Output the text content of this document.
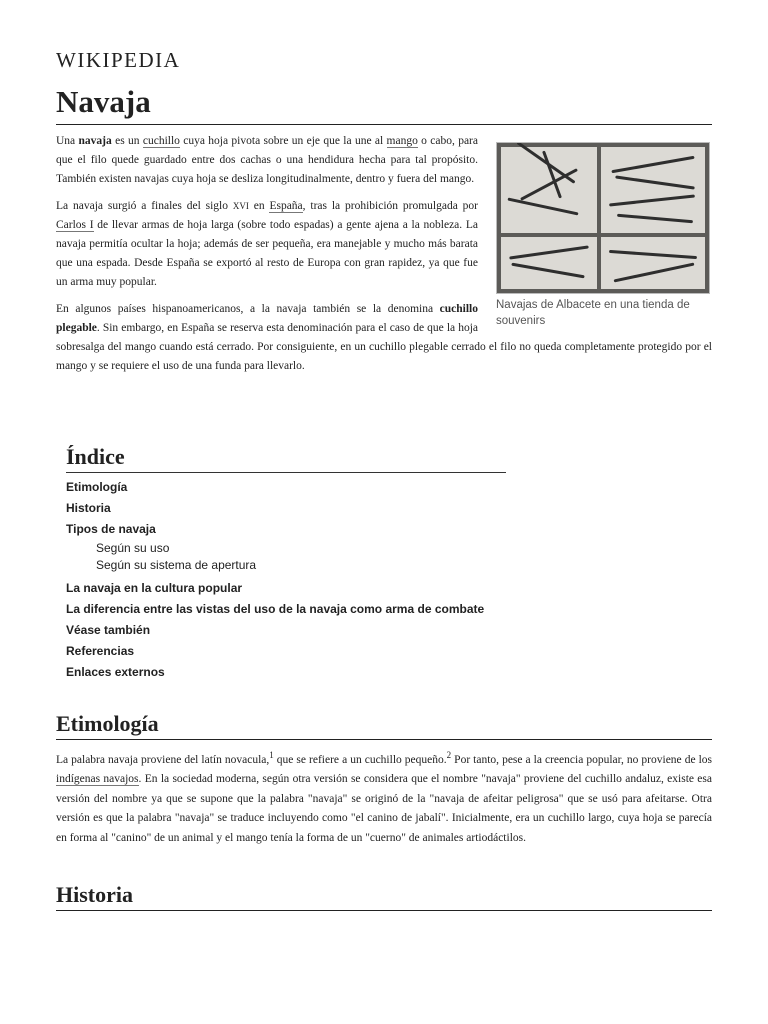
WIKIPEDIA
Navaja
Navajas de Albacete en una tienda de souvenirs

Una navaja es un cuchillo cuya hoja pivota sobre un eje que la une al mango o cabo, para que el filo quede guardado entre dos cachas o una hendidura hecha para tal propósito. También existen navajas cuya hoja se desliza longitudinalmente, dentro y fuera del mango.

La navaja surgió a finales del siglo XVI en España, tras la prohibición promulgada por Carlos I de llevar armas de hoja larga (sobre todo espadas) a gente ajena a la nobleza. La navaja permitía ocultar la hoja; además de ser pequeña, era manejable y mucho más barata que una espada. Desde España se exportó al resto de Europa con gran rapidez, ya que fue un arma muy popular.

En algunos países hispanoamericanos, a la navaja también se la denomina cuchillo plegable. Sin embargo, en España se reserva esta denominación para el caso de que la hoja sobresalga del mango cuando está cerrado. Por consiguiente, en un cuchillo plegable cerrado el filo no queda completamente protegido por el mango y se requiere el uso de una funda para llevarlo.

Índice
Etimología
Historia
Tipos de navaja
Según su uso
Según su sistema de apertura
La navaja en la cultura popular
La diferencia entre las vistas del uso de la navaja como arma de combate
Véase también
Referencias
Enlaces externos
Etimología
La palabra navaja proviene del latín novacula,$^1$ que se refiere a un cuchillo pequeño.$^2$ Por tanto, pese a la creencia popular, no proviene de los indígenas navajos. En la sociedad moderna, según otra versión se considera que el nombre "navaja" proviene del cuchillo andaluz, existe esa versión del nombre ya que se supone que la palabra "navaja" se originó de la "navaja de afeitar peligrosa" que se usó para afeitarse. Otra versión es que la palabra "navaja" se traduce incluyendo como "el canino de jabalí". Inicialmente, era un cuchillo largo, cuya hoja se parecía en forma al "canino" de un animal y el mango tenía la forma de un "cuerno" de animales artiodáctilos.
Historia
